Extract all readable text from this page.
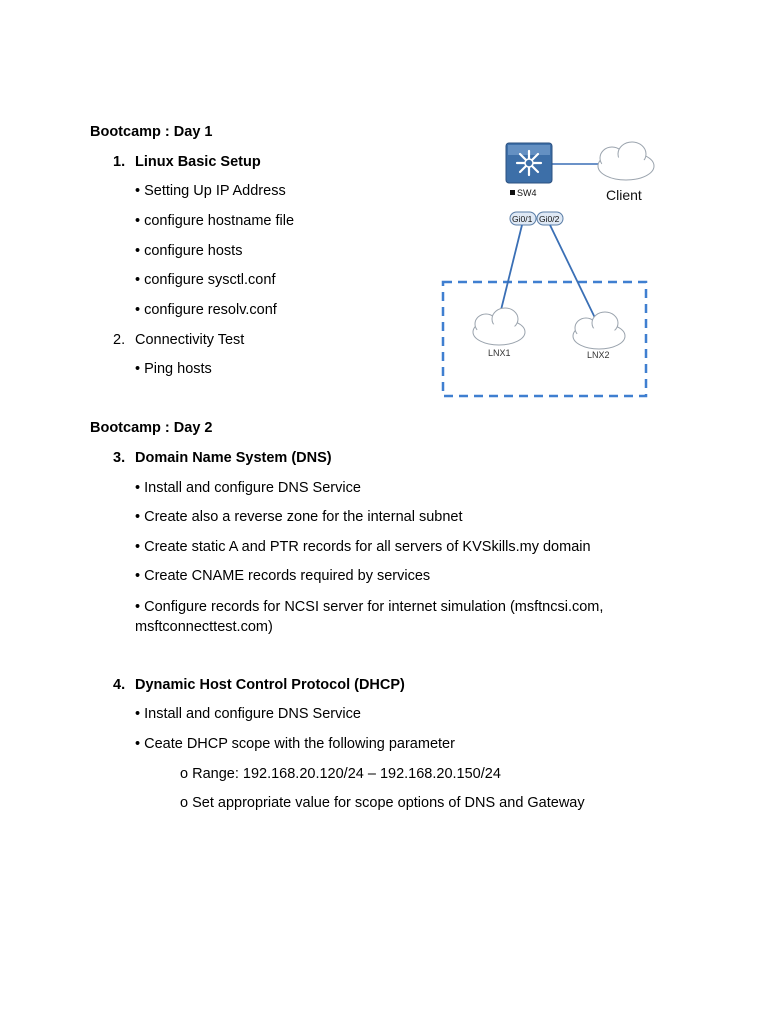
Bootcamp : Day 1
1. Linux Basic Setup
• Setting Up IP Address
• configure hostname file
• configure hosts
• configure sysctl.conf
• configure resolv.conf
2. Connectivity Test
• Ping hosts
SW4	Client
Gi0/1 Gi0/2
LNX1	LNX2
Bootcamp : Day 2
3. Domain Name System (DNS)
• Install and configure DNS Service
• Create also a reverse zone for the internal subnet
• Create static A and PTR records for all servers of KVSkills.my domain
• Create CNAME records required by services
• Configure records for NCSI server for internet simulation (msftncsi.com, msftconnecttest.com)
4. Dynamic Host Control Protocol (DHCP)
• Install and configure DNS Service
• Ceate DHCP scope with the following parameter
o Range: 192.168.20.120/24 – 192.168.20.150/24
o Set appropriate value for scope options of DNS and Gateway
